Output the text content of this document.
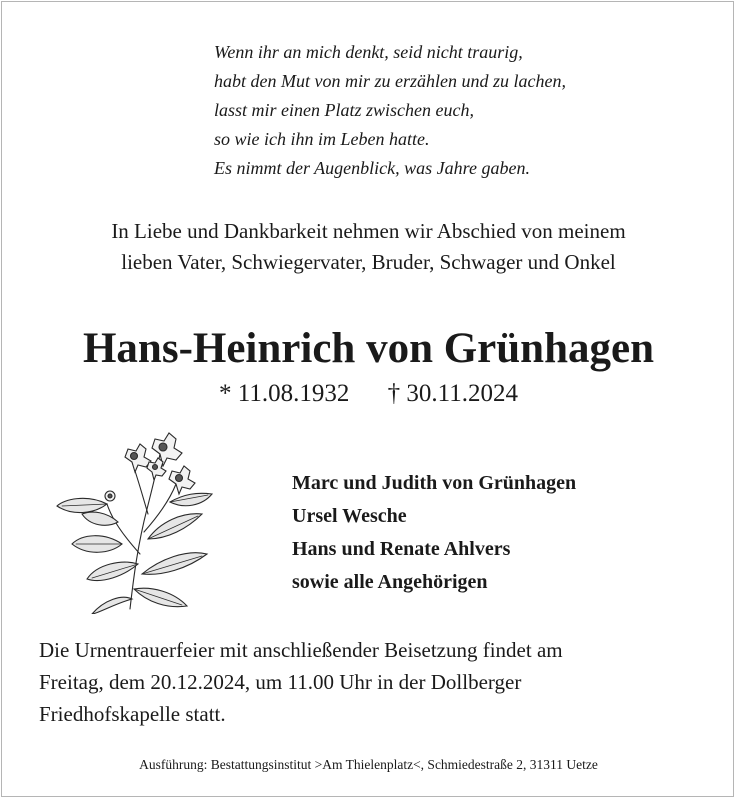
Wenn ihr an mich denkt, seid nicht traurig,
habt den Mut von mir zu erzählen und zu lachen,
lasst mir einen Platz zwischen euch,
so wie ich ihn im Leben hatte.
Es nimmt der Augenblick, was Jahre gaben.
In Liebe und Dankbarkeit nehmen wir Abschied von meinem
lieben Vater, Schwiegervater, Bruder, Schwager und Onkel
Hans-Heinrich von Grünhagen
* 11.08.1932 † 30.11.2024
Marc und Judith von Grünhagen
Ursel Wesche
Hans und Renate Ahlvers
sowie alle Angehörigen
Die Urnentrauerfeier mit anschließender Beisetzung findet am
Freitag, dem 20.12.2024, um 11.00 Uhr in der Dollberger
Friedhofskapelle statt.
Ausführung: Bestattungsinstitut >Am Thielenplatz<, Schmiedestraße 2, 31311 Uetze
